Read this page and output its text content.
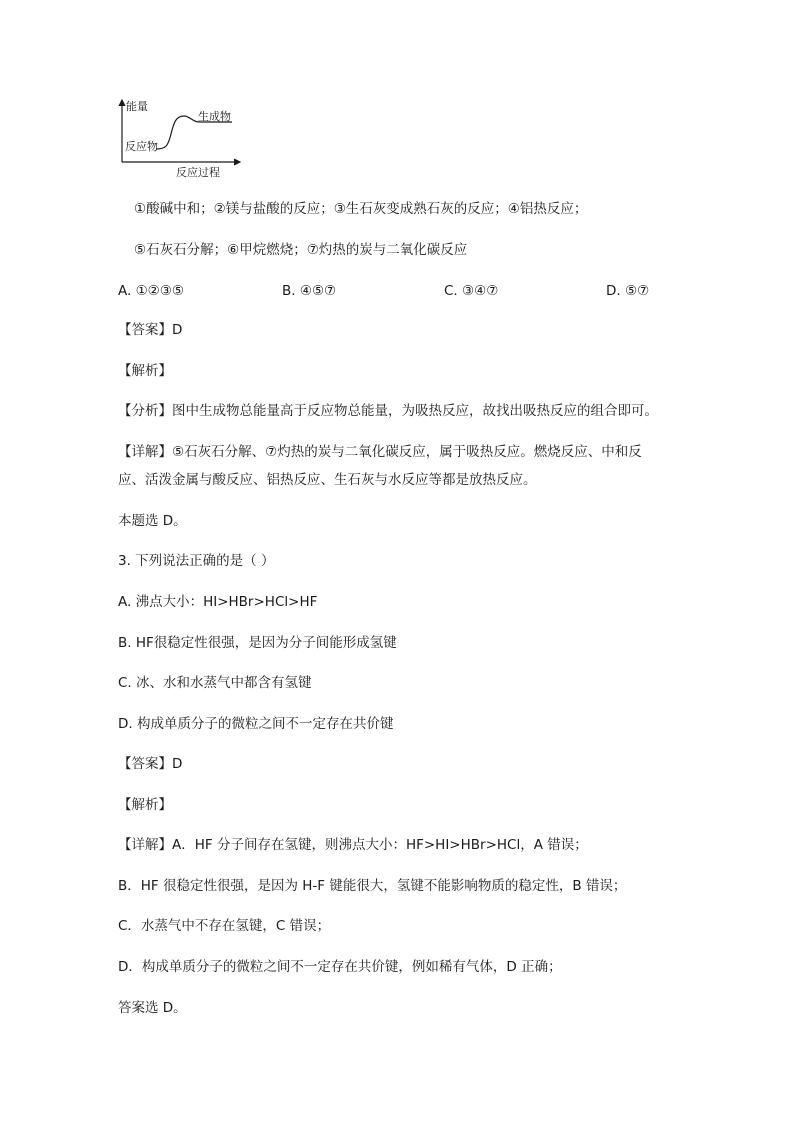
能量
反应物
生成物
反应过程
①酸碱中和；②镁与盐酸的反应；③生石灰变成熟石灰的反应；④铝热反应；
⑤石灰石分解；⑥甲烷燃烧；⑦灼热的炭与二氧化碳反应
A. ①②③⑤	B. ④⑤⑦	C. ③④⑦	D. ⑤⑦
【答案】D
【解析】
【分析】图中生成物总能量高于反应物总能量，为吸热反应，故找出吸热反应的组合即可。
【详解】⑤石灰石分解、⑦灼热的炭与二氧化碳反应，属于吸热反应。燃烧反应、中和反
应、活泼金属与酸反应、铝热反应、生石灰与水反应等都是放热反应。
本题选 D。
3. 下列说法正确的是（ ）
A. 沸点大小：HI>HBr>HCl>HF
B. HF很稳定性很强，是因为分子间能形成氢键
C. 冰、水和水蒸气中都含有氢键
D. 构成单质分子的微粒之间不一定存在共价键
【答案】D
【解析】
【详解】A．HF 分子间存在氢键，则沸点大小：HF>HI>HBr>HCl，A 错误；
B．HF 很稳定性很强，是因为 H-F 键能很大，氢键不能影响物质的稳定性，B 错误；
C．水蒸气中不存在氢键，C 错误；
D．构成单质分子的微粒之间不一定存在共价键，例如稀有气体，D 正确；
答案选 D。
